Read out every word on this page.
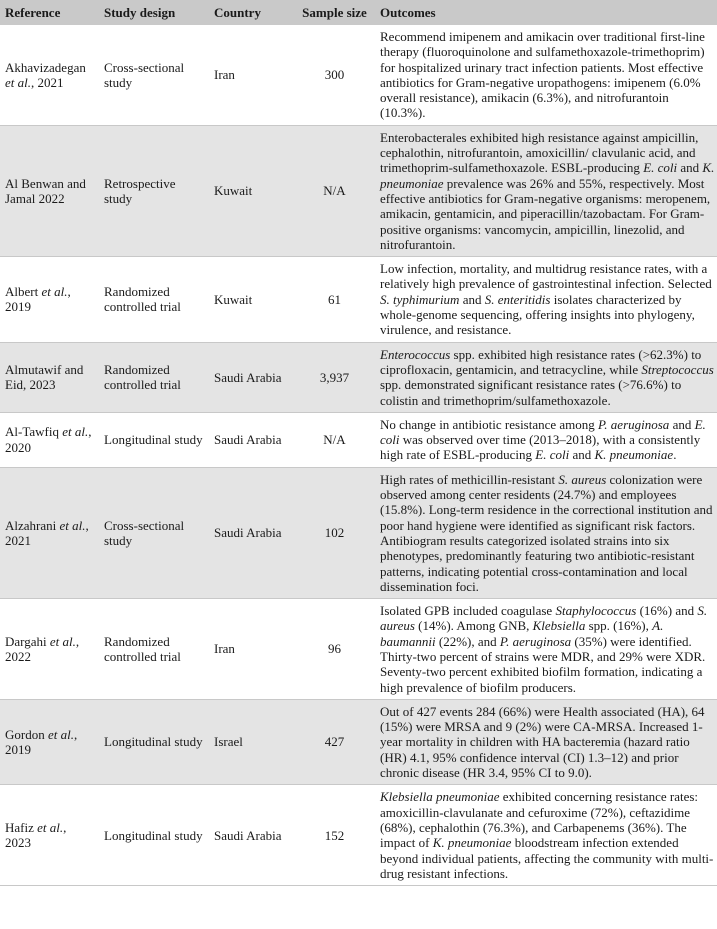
Reference	Study design	Country	Sample size	Outcomes
Akhavizadegan et al., 2021	Cross-sectional study	Iran	300	Recommend imipenem and amikacin over traditional first-line therapy (fluoroquinolone and sulfamethoxazole-trimethoprim) for hospitalized urinary tract infection patients. Most effective antibiotics for Gram-negative uropathogens: imipenem (6.0% overall resistance), amikacin (6.3%), and nitrofurantoin (10.3%).
Al Benwan and Jamal 2022	Retrospective study	Kuwait	N/A	Enterobacterales exhibited high resistance against ampicillin, cephalothin, nitrofurantoin, amoxicillin/ clavulanic acid, and trimethoprim-sulfamethoxazole. ESBL-producing E. coli and K. pneumoniae prevalence was 26% and 55%, respectively. Most effective antibiotics for Gram-negative organisms: meropenem, amikacin, gentamicin, and piperacillin/tazobactam. For Gram-positive organisms: vancomycin, ampicillin, linezolid, and nitrofurantoin.
Albert et al., 2019	Randomized controlled trial	Kuwait	61	Low infection, mortality, and multidrug resistance rates, with a relatively high prevalence of gastrointestinal infection. Selected S. typhimurium and S. enteritidis isolates characterized by whole-genome sequencing, offering insights into phylogeny, virulence, and resistance.
Almutawif and Eid, 2023	Randomized controlled trial	Saudi Arabia	3,937	Enterococcus spp. exhibited high resistance rates (>62.3%) to ciprofloxacin, gentamicin, and tetracycline, while Streptococcus spp. demonstrated significant resistance rates (>76.6%) to colistin and trimethoprim/sulfamethoxazole.
Al-Tawfiq et al., 2020	Longitudinal study	Saudi Arabia	N/A	No change in antibiotic resistance among P. aeruginosa and E. coli was observed over time (2013–2018), with a consistently high rate of ESBL-producing E. coli and K. pneumoniae.
Alzahrani et al., 2021	Cross-sectional study	Saudi Arabia	102	High rates of methicillin-resistant S. aureus colonization were observed among center residents (24.7%) and employees (15.8%). Long-term residence in the correctional institution and poor hand hygiene were identified as significant risk factors. Antibiogram results categorized isolated strains into six phenotypes, predominantly featuring two antibiotic-resistant patterns, indicating potential cross-contamination and local dissemination foci.
Dargahi et al., 2022	Randomized controlled trial	Iran	96	Isolated GPB included coagulase Staphylococcus (16%) and S. aureus (14%). Among GNB, Klebsiella spp. (16%), A. baumannii (22%), and P. aeruginosa (35%) were identified. Thirty-two percent of strains were MDR, and 29% were XDR. Seventy-two percent exhibited biofilm formation, indicating a high prevalence of biofilm producers.
Gordon et al., 2019	Longitudinal study	Israel	427	Out of 427 events 284 (66%) were Health associated (HA), 64 (15%) were MRSA and 9 (2%) were CA-MRSA. Increased 1-year mortality in children with HA bacteremia (hazard ratio (HR) 4.1, 95% confidence interval (CI) 1.3–12) and prior chronic disease (HR 3.4, 95% CI to 9.0).
Hafiz et al., 2023	Longitudinal study	Saudi Arabia	152	Klebsiella pneumoniae exhibited concerning resistance rates: amoxicillin-clavulanate and cefuroxime (72%), ceftazidime (68%), cephalothin (76.3%), and Carbapenems (36%). The impact of K. pneumoniae bloodstream infection extended beyond individual patients, affecting the community with multi-drug resistant infections.
